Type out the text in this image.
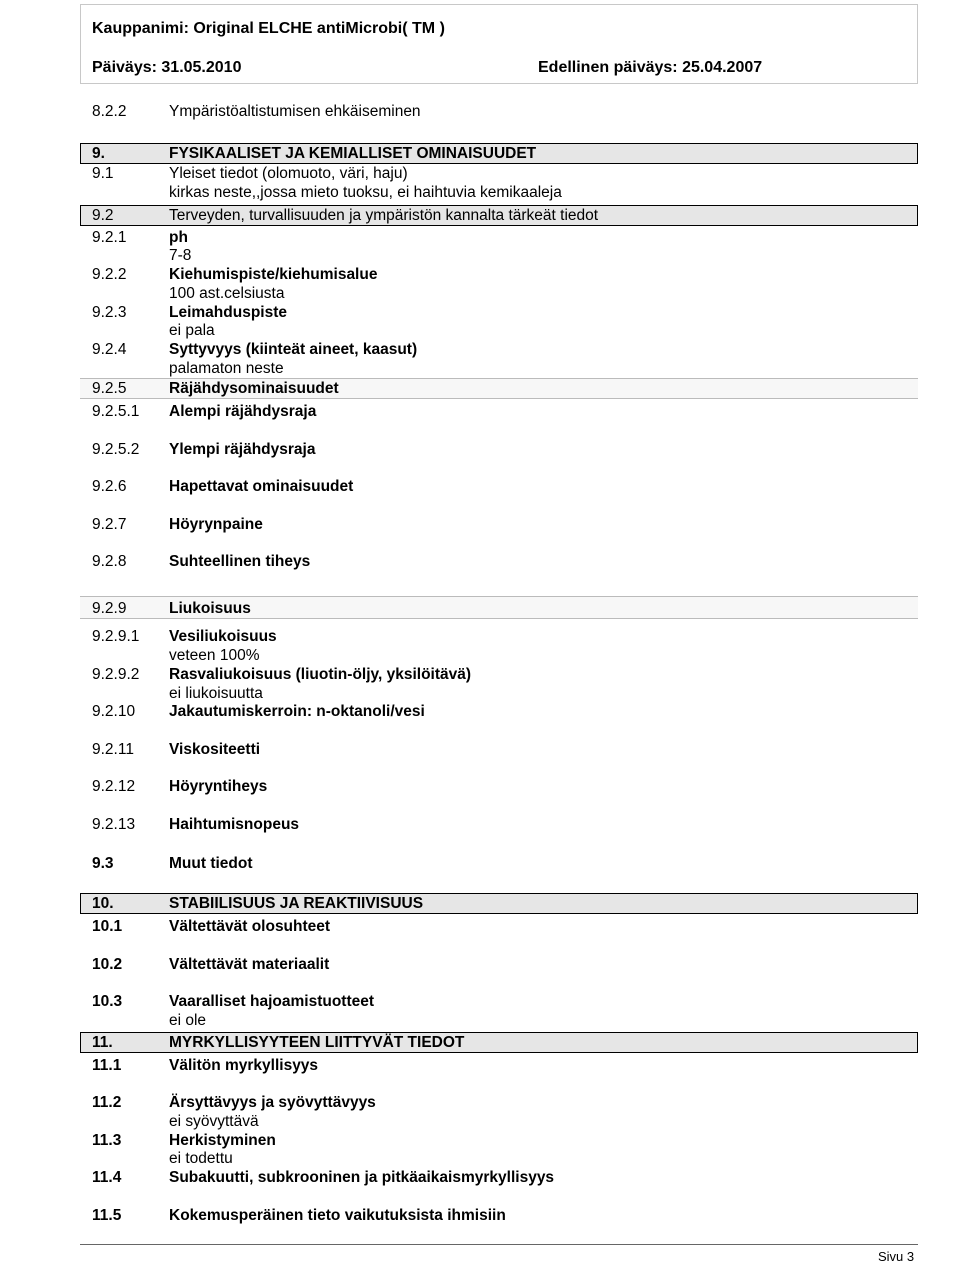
Kauppanimi: Original ELCHE antiMicrobi( TM )
Päiväys: 31.05.2010	Edellinen päiväys: 25.04.2007
8.2.2	Ympäristöaltistumisen ehkäiseminen
9.	FYSIKAALISET JA KEMIALLISET OMINAISUUDET
9.1	Yleiset tiedot (olomuoto, väri, haju)
kirkas neste,,jossa mieto tuoksu, ei haihtuvia kemikaaleja
9.2	Terveyden, turvallisuuden ja ympäristön kannalta tärkeät tiedot
9.2.1	ph
7-8
9.2.2	Kiehumispiste/kiehumisalue
100 ast.celsiusta
9.2.3	Leimahduspiste
ei pala
9.2.4	Syttyvyys (kiinteät aineet, kaasut)
palamaton neste
9.2.5	Räjähdysominaisuudet
9.2.5.1 Alempi räjähdysraja
9.2.5.2 Ylempi räjähdysraja
9.2.6	Hapettavat ominaisuudet
9.2.7	Höyrynpaine
9.2.8	Suhteellinen tiheys
9.2.9	Liukoisuus
9.2.9.1 Vesiliukoisuus
veteen 100%
9.2.9.2 Rasvaliukoisuus (liuotin-öljy, yksilöitävä)
ei liukoisuutta
9.2.10 Jakautumiskerroin: n-oktanoli/vesi
9.2.11 Viskositeetti
9.2.12 Höyryntiheys
9.2.13 Haihtumisnopeus
9.3	Muut tiedot
10.	STABIILISUUS JA REAKTIIVISUUS
10.1	Vältettävät olosuhteet
10.2	Vältettävät materiaalit
10.3	Vaaralliset hajoamistuotteet
ei ole
11.	MYRKYLLISYYTEEN LIITTYVÄT TIEDOT
11.1	Välitön myrkyllisyys
11.2	Ärsyttävyys ja syövyttävyys
ei syövyttävä
11.3	Herkistyminen
ei todettu
11.4	Subakuutti, subkrooninen ja pitkäaikaismyrkyllisyys
11.5	Kokemusperäinen tieto vaikutuksista ihmisiin
Sivu 3
